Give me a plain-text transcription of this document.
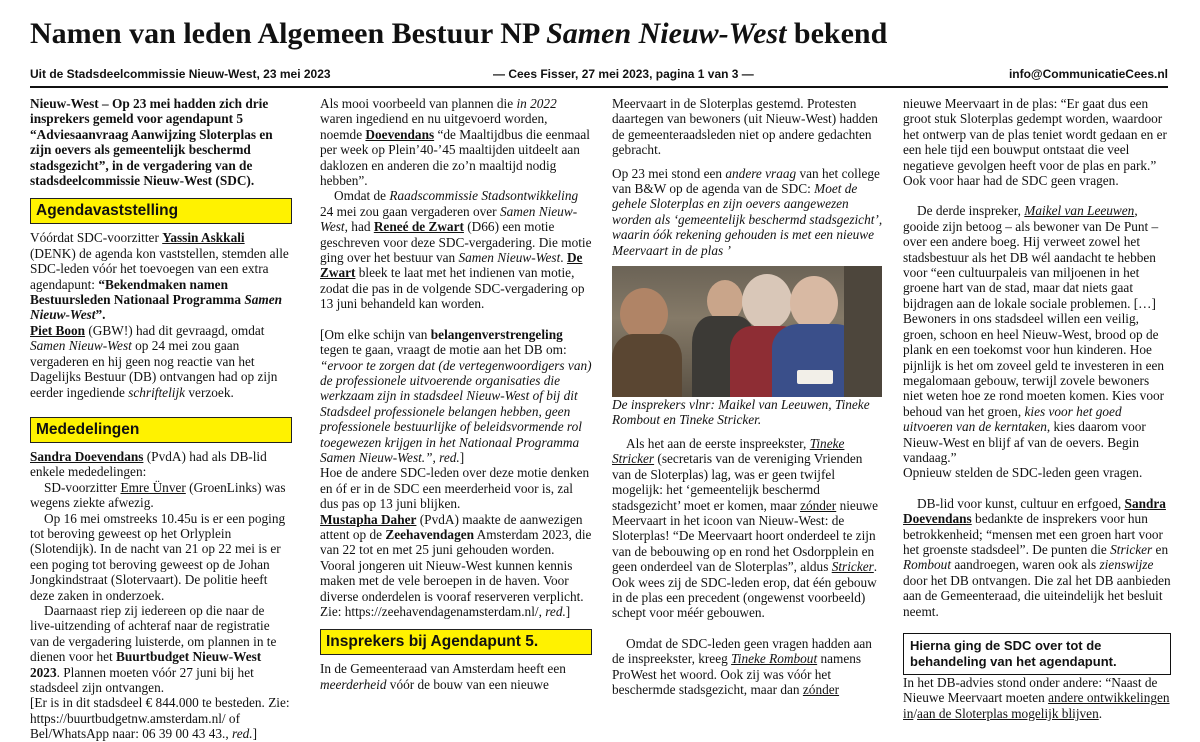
Namen van leden Algemeen Bestuur NP Samen Nieuw-West bekend
Uit de Stadsdeelcommissie Nieuw-West, 23 mei 2023	— Cees Fisser, 27 mei 2023, pagina 1 van 3 —	info@CommunicatieCees.nl

Nieuw-West – Op 23 mei hadden zich drie insprekers gemeld voor agendapunt 5 “Adviesaanvraag Aanwijzing Sloterplas en zijn oevers als gemeentelijk beschermd stadsgezicht”, in de vergadering van de stadsdeelcommissie Nieuw-West (SDC).

Agendavaststelling

Vóórdat SDC-voorzitter Yassin Askkali (DENK) de agenda kon vaststellen, stemden alle SDC-leden vóór het toevoegen van een extra agendapunt: “Bekendmaken namen Bestuursleden Nationaal Programma Samen Nieuw-West”.

Piet Boon (GBW!) had dit gevraagd, omdat Samen Nieuw-West op 24 mei zou gaan vergaderen en hij geen nog reactie van het Dagelijks Bestuur (DB) ontvangen had op zijn eerder ingediende schriftelijk verzoek.

Mededelingen

Sandra Doevendans (PvdA) had als DB-lid enkele mededelingen:

SD-voorzitter Emre Ünver (GroenLinks) was wegens ziekte afwezig.

Op 16 mei omstreeks 10.45u is er een poging tot beroving geweest op het Orlyplein (Slotendijk). In de nacht van 21 op 22 mei is er een poging tot beroving geweest op de Johan Jongkindstraat (Slotervaart). De politie heeft deze zaken in onderzoek.

Daarnaast riep zij iedereen op die naar de live-uitzending of achteraf naar de registratie van de vergadering luisterde, om plannen in te dienen voor het Buurtbudget Nieuw-West 2023. Plannen moeten vóór 27 juni bij het stadsdeel zijn ontvangen.

[Er is in dit stadsdeel € 844.000 te besteden. Zie: https://buurtbudgetnw.amsterdam.nl/ of Bel/WhatsApp naar: 06 39 00 43 43., red.]

Als mooi voorbeeld van plannen die in 2022 waren ingediend en nu uitgevoerd worden, noemde Doevendans “de Maaltijdbus die eenmaal per week op Plein’40-’45 maaltijden uitdeelt aan daklozen en anderen die zo’n maaltijd nodig hebben”.

Omdat de Raadscommissie Stadsontwikkeling 24 mei zou gaan vergaderen over Samen Nieuw-West, had Reneé de Zwart (D66) een motie geschreven voor deze SDC-vergadering. Die motie ging over het bestuur van Samen Nieuw-West. De Zwart bleek te laat met het indienen van motie, zodat die pas in de volgende SDC-vergadering op 13 juni behandeld kan worden.

[Om elke schijn van belangenverstrengeling tegen te gaan, vraagt de motie aan het DB om: “ervoor te zorgen dat (de vertegenwoordigers van) de professionele uitvoerende organisaties die werkzaam zijn in stadsdeel Nieuw-West of bij dit Stadsdeel professionele belangen hebben, geen professionele bestuurlijke of beleidsvormende rol toegewezen krijgen in het Nationaal Programma Samen Nieuw-West.”, red.]

Hoe de andere SDC-leden over deze motie denken en óf er in de SDC een meerderheid voor is, zal dus pas op 13 juni blijken.

Mustapha Daher (PvdA) maakte de aanwezigen attent op de Zeehavendagen Amsterdam 2023, die van 22 tot en met 25 juni gehouden worden. Vooral jongeren uit Nieuw-West kunnen kennis maken met de vele beroepen in de haven. Voor diverse onderdelen is vooraf reserveren verplicht.

Zie: https://zeehavendagenamsterdam.nl/, red.]

Insprekers bij Agendapunt 5.

In de Gemeenteraad van Amsterdam heeft een meerderheid vóór de bouw van een nieuwe

Meervaart in de Sloterplas gestemd. Protesten daartegen van bewoners (uit Nieuw-West) hadden de gemeenteraadsleden niet op andere gedachten gebracht.

Op 23 mei stond een andere vraag van het college van B&W op de agenda van de SDC: Moet de gehele Sloterplas en zijn oevers aangewezen worden als ‘gemeentelijk beschermd stadsgezicht’, waarin óók rekening gehouden is met een nieuwe Meervaart in de plas ’

De insprekers vlnr: Maikel van Leeuwen, Tineke Rombout en Tineke Stricker.

Als het aan de eerste inspreekster, Tineke Stricker (secretaris van de vereniging Vrienden van de Sloterplas) lag, was er geen twijfel mogelijk: het ‘gemeentelijk beschermd stadsgezicht’ moet er komen, maar zónder nieuwe Meervaart in het icoon van Nieuw-West: de Sloterplas! “De Meervaart hoort onderdeel te zijn van de bebouwing op en rond het Osdorpplein en geen onderdeel van de Sloterplas”, aldus Stricker. Ook wees zij de SDC-leden erop, dat één gebouw in de plas een precedent (ongewenst voorbeeld) schept voor méér gebouwen.

Omdat de SDC-leden geen vragen hadden aan de inspreekster, kreeg Tineke Rombout namens ProWest het woord. Ook zij was vóór het beschermde stadsgezicht, maar dan zónder

nieuwe Meervaart in de plas: “Er gaat dus een groot stuk Sloterplas gedempt worden, waardoor het ontwerp van de plas teniet wordt gedaan en er een hele tijd een bouwput ontstaat die veel negatieve gevolgen heeft voor de plas en park.” Ook voor haar had de SDC geen vragen.

De derde inspreker, Maikel van Leeuwen, gooide zijn betoog – als bewoner van De Punt – over een andere boeg. Hij verweet zowel het stadsbestuur als het DB wél aandacht te hebben voor “een cultuurpaleis van miljoenen in het groene hart van de stad, maar dat niets gaat bijdragen aan de lokale sociale problemen. […] Bewoners in ons stadsdeel willen een veilig, groen, schoon en heel Nieuw-West, brood op de plank en een toekomst voor hun kinderen. Hoe pijnlijk is het om zoveel geld te investeren in een megalomaan gebouw, terwijl zovele bewoners niet weten hoe ze rond moeten komen. Kies voor behoud van het groen, kies voor het goed uitvoeren van de kerntaken, kies daarom voor Nieuw-West en blijf af van de oevers. Begin vandaag.”

Opnieuw stelden de SDC-leden geen vragen.

DB-lid voor kunst, cultuur en erfgoed, Sandra Doevendans bedankte de insprekers voor hun betrokkenheid; “mensen met een groen hart voor het groenste stadsdeel”. De punten die Stricker en Rombout aandroegen, waren ook als zienswijze door het DB ontvangen. Die zal het DB aanbieden aan de Gemeenteraad, die uiteindelijk het besluit neemt.

Hierna ging de SDC over tot de behandeling van het agendapunt.

In het DB-advies stond onder andere: “Naast de Nieuwe Meervaart moeten andere ontwikkelingen in/aan de Sloterplas mogelijk blijven.
